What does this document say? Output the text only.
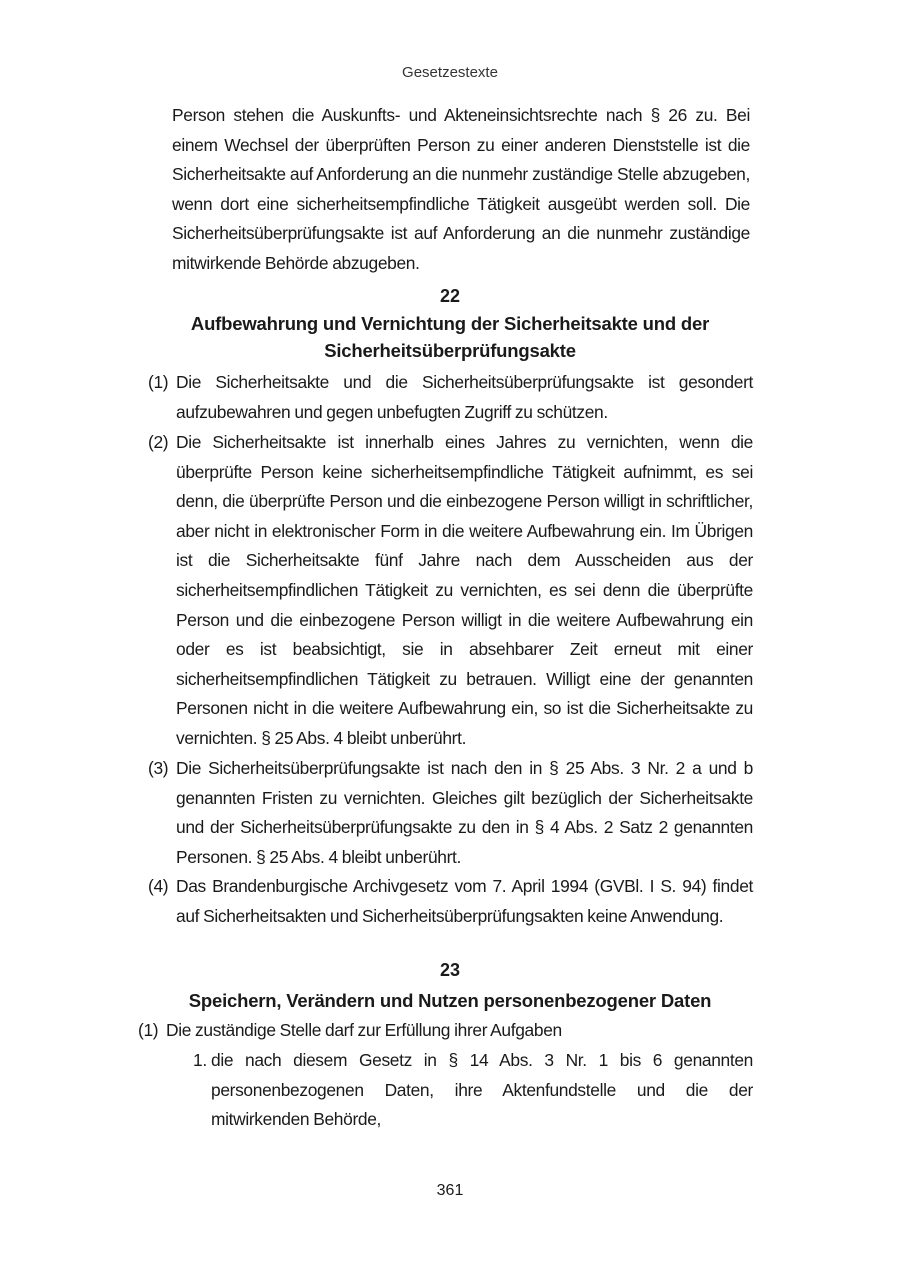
Gesetzestexte
Person stehen die Auskunfts- und Akteneinsichtsrechte nach § 26 zu. Bei einem Wechsel der überprüften Person zu einer anderen Dienststelle ist die Sicherheitsakte auf Anforderung an die nunmehr zuständige Stelle abzugeben, wenn dort eine sicherheitsempfindliche Tätigkeit ausgeübt werden soll. Die Sicherheitsüberprüfungsakte ist auf Anforderung an die nunmehr zuständige mitwirkende Behörde abzugeben.
22
Aufbewahrung und Vernichtung der Sicherheitsakte und der Sicherheitsüberprüfungsakte
(1) Die Sicherheitsakte und die Sicherheitsüberprüfungsakte ist gesondert aufzubewahren und gegen unbefugten Zugriff zu schützen.
(2) Die Sicherheitsakte ist innerhalb eines Jahres zu vernichten, wenn die überprüfte Person keine sicherheitsempfindliche Tätigkeit aufnimmt, es sei denn, die überprüfte Person und die einbezogene Person willigt in schriftlicher, aber nicht in elektronischer Form in die weitere Aufbewahrung ein. Im Übrigen ist die Sicherheitsakte fünf Jahre nach dem Ausscheiden aus der sicherheitsempfindlichen Tätigkeit zu vernichten, es sei denn die überprüfte Person und die einbezogene Person willigt in die weitere Aufbewahrung ein oder es ist beabsichtigt, sie in absehbarer Zeit erneut mit einer sicherheitsempfindlichen Tätigkeit zu betrauen. Willigt eine der genannten Personen nicht in die weitere Aufbewahrung ein, so ist die Sicherheitsakte zu vernichten. § 25 Abs. 4 bleibt unberührt.
(3) Die Sicherheitsüberprüfungsakte ist nach den in § 25 Abs. 3 Nr. 2 a und b genannten Fristen zu vernichten. Gleiches gilt bezüglich der Sicherheitsakte und der Sicherheitsüberprüfungsakte zu den in § 4 Abs. 2 Satz 2 genannten Personen. § 25 Abs. 4 bleibt unberührt.
(4) Das Brandenburgische Archivgesetz vom 7. April 1994 (GVBl. I S. 94) findet auf Sicherheitsakten und Sicherheitsüberprüfungsakten keine Anwendung.
23
Speichern, Verändern und Nutzen personenbezogener Daten
(1) Die zuständige Stelle darf zur Erfüllung ihrer Aufgaben
1. die nach diesem Gesetz in § 14 Abs. 3 Nr. 1 bis 6 genannten personenbezogenen Daten, ihre Aktenfundstelle und die der mitwirkenden Behörde,
361
